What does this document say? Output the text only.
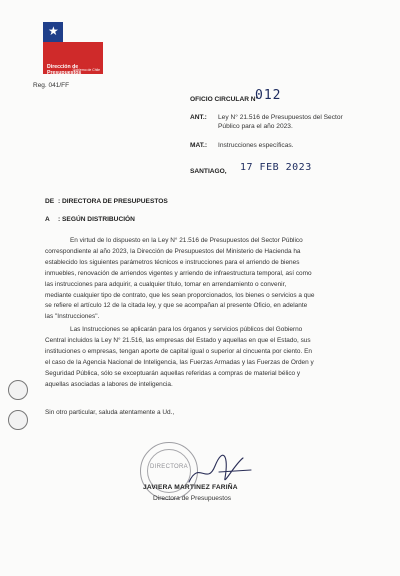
★
Dirección de
Presupuestos
Gobierno de Chile
Reg. 041/FF
OFICIO CIRCULAR N°
012
ANT.: Ley N° 21.516 de Presupuestos del Sector
Público para el año 2023.
MAT.: Instrucciones específicas.
SANTIAGO, 17 FEB 2023
DE : DIRECTORA DE PRESUPUESTOS
A : SEGÚN DISTRIBUCIÓN
En virtud de lo dispuesto en la Ley N° 21.516 de Presupuestos del Sector Público
correspondiente al año 2023, la Dirección de Presupuestos del Ministerio de Hacienda ha
establecido los siguientes parámetros técnicos e instrucciones para el arriendo de bienes
inmuebles, renovación de arriendos vigentes y arriendo de infraestructura temporal, así como
las instrucciones para adquirir, a cualquier título, tomar en arrendamiento o convenir,
mediante cualquier tipo de contrato, que les sean proporcionados, los bienes o servicios a que
se refiere el artículo 12 de la citada ley, y que se acompañan al presente Oficio, en adelante
las "Instrucciones".
Las Instrucciones se aplicarán para los órganos y servicios públicos del Gobierno
Central incluidos la Ley N° 21.516, las empresas del Estado y aquellas en que el Estado, sus
instituciones o empresas, tengan aporte de capital igual o superior al cincuenta por ciento. En
el caso de la Agencia Nacional de Inteligencia, las Fuerzas Armadas y las Fuerzas de Orden y
Seguridad Pública, sólo se exceptuarán aquellas referidas a compras de material bélico y
aquellas asociadas a labores de inteligencia.
Sin otro particular, saluda atentamente a Ud.,
DIRECTORA
JAVIERA MARTINEZ FARIÑA
Directora de Presupuestos
